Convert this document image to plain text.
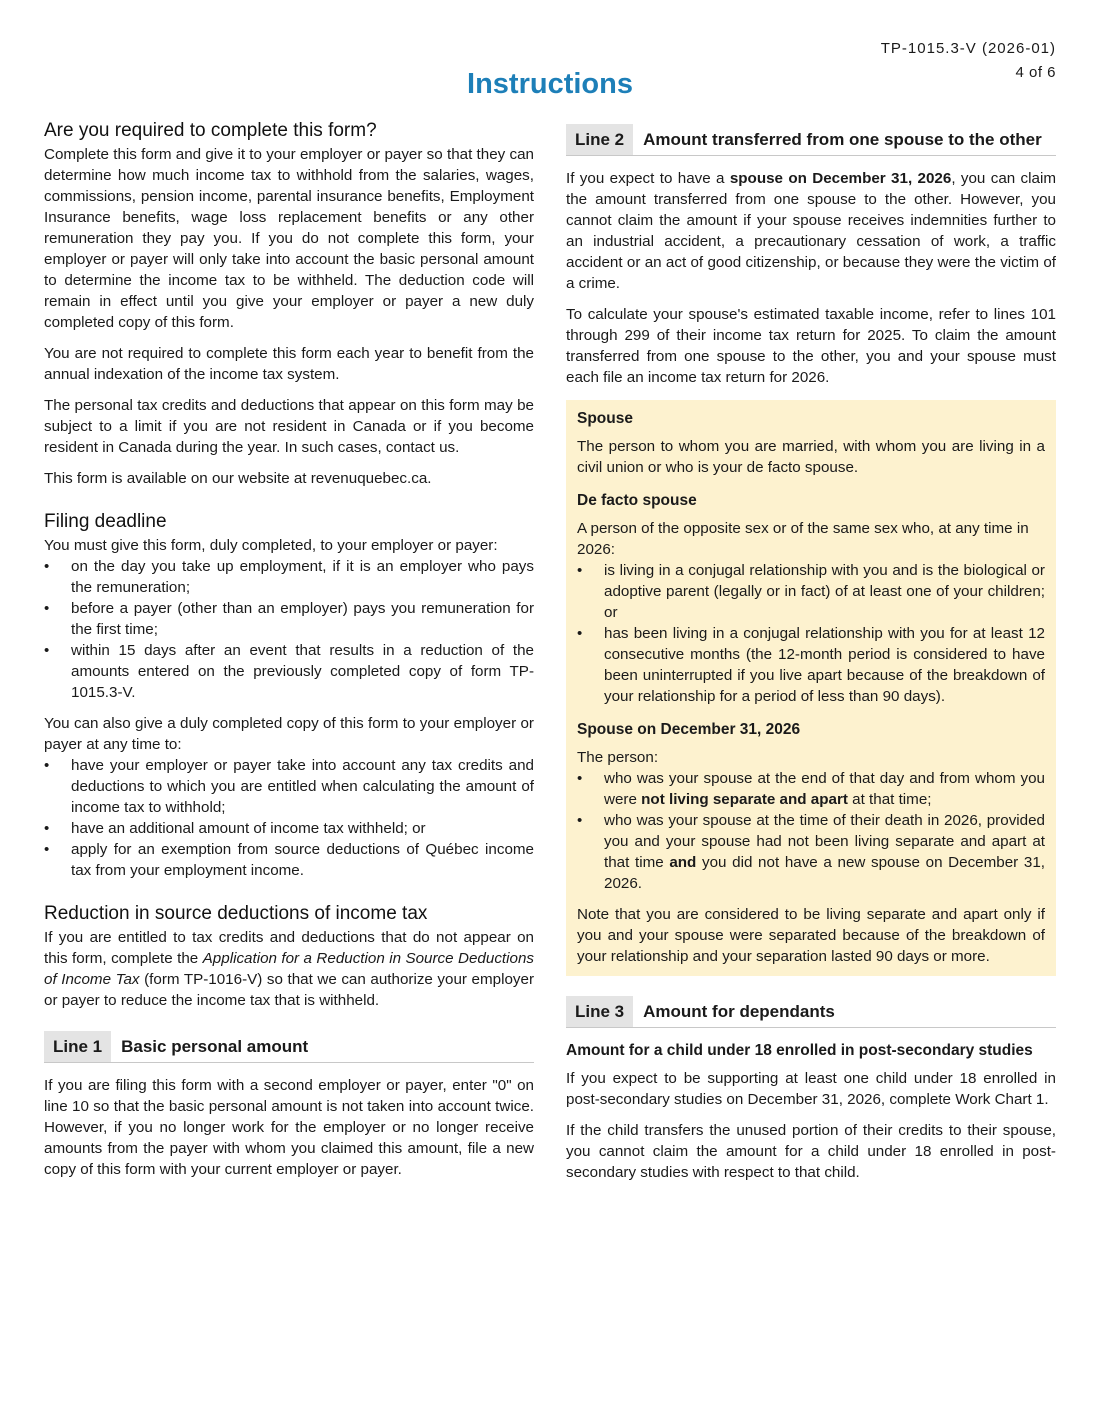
TP-1015.3-V (2026-01)
4 of 6
Instructions
Are you required to complete this form?

Complete this form and give it to your employer or payer so that they can determine how much income tax to withhold from the salaries, wages, commissions, pension income, parental insurance benefits, Employment Insurance benefits, wage loss replacement benefits or any other remuneration they pay you. If you do not complete this form, your employer or payer will only take into account the basic personal amount to determine the income tax to be withheld. The deduction code will remain in effect until you give your employer or payer a new duly completed copy of this form.

You are not required to complete this form each year to benefit from the annual indexation of the income tax system.

The personal tax credits and deductions that appear on this form may be subject to a limit if you are not resident in Canada or if you become resident in Canada during the year. In such cases, contact us.

This form is available on our website at revenuquebec.ca.

Filing deadline

You must give this form, duly completed, to your employer or payer:

• on the day you take up employment, if it is an employer who pays the remuneration;
• before a payer (other than an employer) pays you remuneration for the first time;
• within 15 days after an event that results in a reduction of the amounts entered on the previously completed copy of form TP-1015.3-V.

You can also give a duly completed copy of this form to your employer or payer at any time to:

• have your employer or payer take into account any tax credits and deductions to which you are entitled when calculating the amount of income tax to withhold;
• have an additional amount of income tax withheld; or
• apply for an exemption from source deductions of Québec income tax from your employment income.
Reduction in source deductions of income tax

If you are entitled to tax credits and deductions that do not appear on this form, complete the Application for a Reduction in Source Deductions of Income Tax (form TP-1016-V) so that we can authorize your employer or payer to reduce the income tax that is withheld.

Line 1	Basic personal amount

If you are filing this form with a second employer or payer, enter "0" on line 10 so that the basic personal amount is not taken into account twice. However, if you no longer work for the employer or no longer receive amounts from the payer with whom you claimed this amount, file a new copy of this form with your current employer or payer.

Line 2	Amount transferred from one spouse to the other

If you expect to have a spouse on December 31, 2026, you can claim the amount transferred from one spouse to the other. However, you cannot claim the amount if your spouse receives indemnities further to an industrial accident, a precautionary cessation of work, a traffic accident or an act of good citizenship, or because they were the victim of a crime.

To calculate your spouse's estimated taxable income, refer to lines 101 through 299 of their income tax return for 2025. To claim the amount transferred from one spouse to the other, you and your spouse must each file an income tax return for 2026.

Spouse

The person to whom you are married, with whom you are living in a civil union or who is your de facto spouse.

De facto spouse

A person of the opposite sex or of the same sex who, at any time in 2026:

• is living in a conjugal relationship with you and is the biological or adoptive parent (legally or in fact) of at least one of your children; or
• has been living in a conjugal relationship with you for at least 12 consecutive months (the 12-month period is considered to have been uninterrupted if you live apart because of the breakdown of your relationship for a period of less than 90 days).
Spouse on December 31, 2026

The person:

• who was your spouse at the end of that day and from whom you were not living separate and apart at that time;
• who was your spouse at the time of their death in 2026, provided you and your spouse had not been living separate and apart at that time and you did not have a new spouse on December 31, 2026.

Note that you are considered to be living separate and apart only if you and your spouse were separated because of the breakdown of your relationship and your separation lasted 90 days or more.

Line 3	Amount for dependants
Amount for a child under 18 enrolled in post-secondary studies

If you expect to be supporting at least one child under 18 enrolled in post-secondary studies on December 31, 2026, complete Work Chart 1.

If the child transfers the unused portion of their credits to their spouse, you cannot claim the amount for a child under 18 enrolled in post-secondary studies with respect to that child.
